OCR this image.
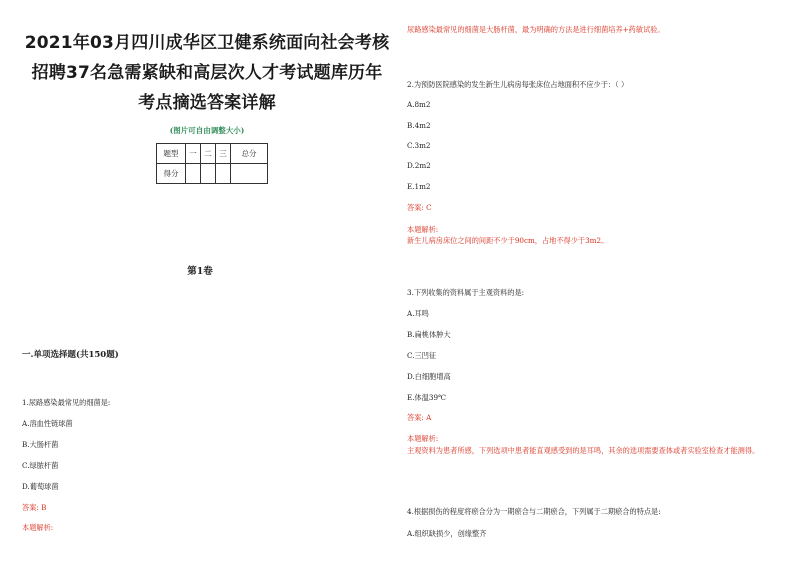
2021年03月四川成华区卫健系统面向社会考核
招聘37名急需紧缺和高层次人才考试题库历年
考点摘选答案详解
(图片可自由调整大小)
题型	一	二	三	总分
得分				
第1卷
一.单项选择题(共150题)
1.尿路感染最常见的细菌是:
A.溶血性链球菌
B.大肠杆菌
C.绿脓杆菌
D.葡萄球菌
答案: B
本题解析:
尿路感染最常见的细菌是大肠杆菌，最为明确的方法是进行细菌培养+药敏试验。
2.为预防医院感染的发生新生儿病房每张床位占地面积不应少于：（ ）
A.8m2
B.4m2
C.3m2
D.2m2
E.1m2
答案: C
本题解析:
新生儿病房床位之间的间距不少于90cm，占地不得少于3m2。
3.下列收集的资料属于主观资料的是:
A.耳鸣
B.扁桃体肿大
C.三凹征
D.白细胞增高
E.体温39℃
答案: A
本题解析:
主观资料为患者所感，下列选项中患者能直观感受到的是耳鸣，其余的选项需要查体或者实验室检查才能测得。
4.根据损伤的程度将瘀合分为一期瘀合与二期瘀合，下列属于二期瘀合的特点是:
A.组织缺损少，创缘整齐
